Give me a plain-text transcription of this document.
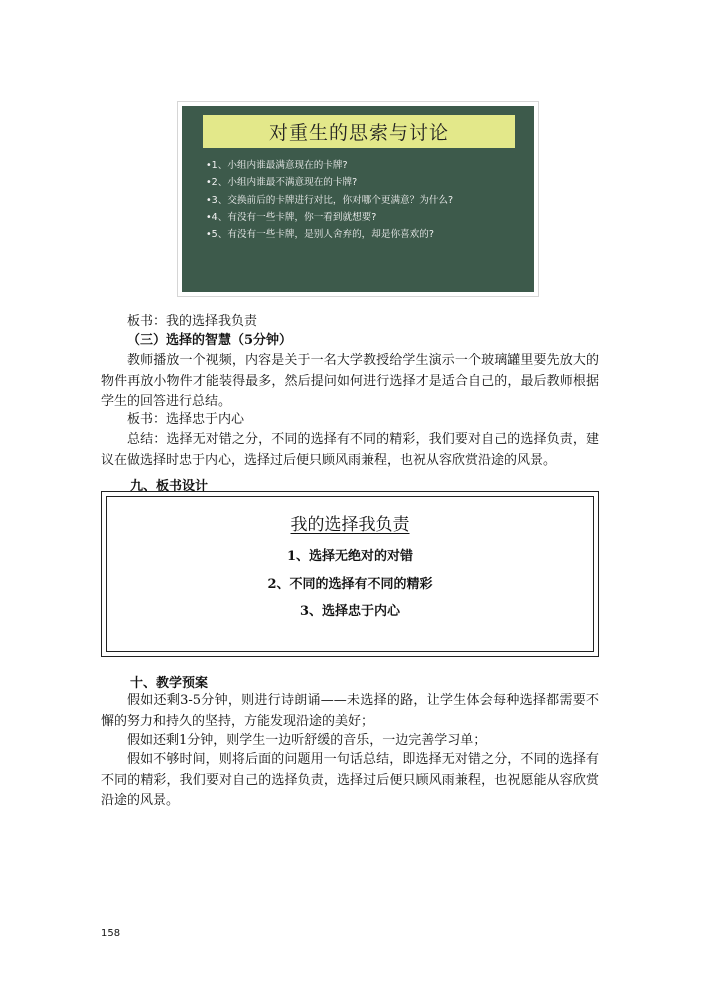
对重生的思索与讨论
•1、小组内谁最满意现在的卡牌?
•2、小组内谁最不满意现在的卡牌?
•3、交换前后的卡牌进行对比，你对哪个更满意？为什么?
•4、有没有一些卡牌，你一看到就想要?
•5、有没有一些卡牌，是别人舍弃的，却是你喜欢的?

板书：我的选择我负责

（三）选择的智慧（5分钟）

教师播放一个视频，内容是关于一名大学教授给学生演示一个玻璃罐里要先放大的物件再放小物件才能装得最多，然后提问如何进行选择才是适合自己的，最后教师根据学生的回答进行总结。

板书：选择忠于内心

总结：选择无对错之分，不同的选择有不同的精彩，我们要对自己的选择负责，建议在做选择时忠于内心，选择过后便只顾风雨兼程，也祝从容欣赏沿途的风景。

九、板书设计

我的选择我负责
1、选择无绝对的对错
2、不同的选择有不同的精彩
3、选择忠于内心

十、教学预案

假如还剩3-5分钟，则进行诗朗诵——未选择的路，让学生体会每种选择都需要不懈的努力和持久的坚持，方能发现沿途的美好；

假如还剩1分钟，则学生一边听舒缓的音乐，一边完善学习单；

假如不够时间，则将后面的问题用一句话总结，即选择无对错之分，不同的选择有不同的精彩，我们要对自己的选择负责，选择过后便只顾风雨兼程，也祝愿能从容欣赏沿途的风景。

158
